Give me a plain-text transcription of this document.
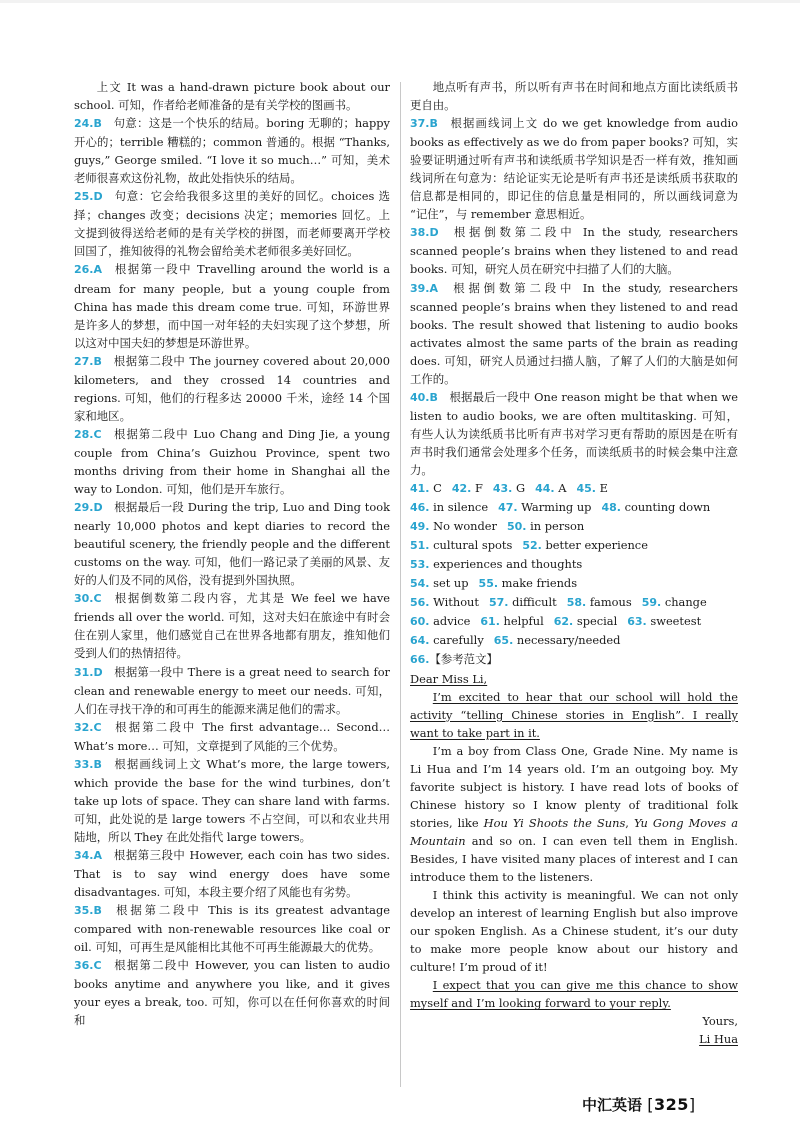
上文 It was a hand-drawn picture book about our school. 可知，作者给老师准备的是有关学校的图画书。

24.B  句意：这是一个快乐的结局。boring 无聊的；happy 开心的；terrible 糟糕的；common 普通的。根据 “Thanks, guys,” George smiled. “I love it so much…” 可知，美术老师很喜欢这份礼物，故此处指快乐的结局。

25.D  句意：它会给我很多这里的美好的回忆。choices 选择；changes 改变；decisions 决定；memories 回忆。上文提到彼得送给老师的是有关学校的拼图，而老师要离开学校回国了，推知彼得的礼物会留给美术老师很多美好回忆。

26.A  根据第一段中 Travelling around the world is a dream for many people, but a young couple from China has made this dream come true. 可知，环游世界是许多人的梦想，而中国一对年轻的夫妇实现了这个梦想，所以这对中国夫妇的梦想是环游世界。

27.B  根据第二段中 The journey covered about 20,000 kilometers, and they crossed 14 countries and regions. 可知，他们的行程多达 20000 千米，途经 14 个国家和地区。

28.C  根据第二段中 Luo Chang and Ding Jie, a young couple from China’s Guizhou Province, spent two months driving from their home in Shanghai all the way to London. 可知，他们是开车旅行。

29.D  根据最后一段 During the trip, Luo and Ding took nearly 10,000 photos and kept diaries to record the beautiful scenery, the friendly people and the different customs on the way. 可知，他们一路记录了美丽的风景、友好的人们及不同的风俗，没有提到外国执照。

30.C  根据倒数第二段内容，尤其是 We feel we have friends all over the world. 可知，这对夫妇在旅途中有时会住在别人家里，他们感觉自己在世界各地都有朋友，推知他们受到人们的热情招待。

31.D  根据第一段中 There is a great need to search for clean and renewable energy to meet our needs. 可知，人们在寻找干净的和可再生的能源来满足他们的需求。

32.C  根据第二段中 The first advantage… Second… What’s more… 可知，文章提到了风能的三个优势。

33.B  根据画线词上文 What’s more, the large towers, which provide the base for the wind turbines, don’t take up lots of space. They can share land with farms. 可知，此处说的是 large towers 不占空间，可以和农业共用陆地，所以 They 在此处指代 large towers。

34.A  根据第三段中 However, each coin has two sides. That is to say wind energy does have some disadvantages. 可知，本段主要介绍了风能也有劣势。

35.B  根据第二段中 This is its greatest advantage compared with non-renewable resources like coal or oil. 可知，可再生是风能相比其他不可再生能源最大的优势。

36.C  根据第二段中 However, you can listen to audio books anytime and anywhere you like, and it gives your eyes a break, too. 可知，你可以在任何你喜欢的时间和

地点听有声书，所以听有声书在时间和地点方面比读纸质书更自由。

37.B  根据画线词上文 do we get knowledge from audio books as effectively as we do from paper books? 可知，实验要证明通过听有声书和读纸质书学知识是否一样有效，推知画线词所在句意为：结论证实无论是听有声书还是读纸质书获取的信息都是相同的，即记住的信息量是相同的，所以画线词意为 “记住”，与 remember 意思相近。

38.D  根据倒数第二段中 In the study, researchers scanned people’s brains when they listened to and read books. 可知，研究人员在研究中扫描了人们的大脑。

39.A  根据倒数第二段中 In the study, researchers scanned people’s brains when they listened to and read books. The result showed that listening to audio books activates almost the same parts of the brain as reading does. 可知，研究人员通过扫描人脑，了解了人们的大脑是如何工作的。

40.B  根据最后一段中 One reason might be that when we listen to audio books, we are often multitasking. 可知，有些人认为读纸质书比听有声书对学习更有帮助的原因是在听有声书时我们通常会处理多个任务，而读纸质书的时候会集中注意力。

41. C 42. F 43. G 44. A 45. E

46. in silence 47. Warming up 48. counting down

49. No wonder 50. in person

51. cultural spots 52. better experience

53. experiences and thoughts

54. set up 55. make friends

56. Without 57. difficult 58. famous 59. change

60. advice 61. helpful 62. special 63. sweetest

64. carefully 65. necessary/needed

66.【参考范文】

Dear Miss Li,

I’m excited to hear that our school will hold the activity “telling Chinese stories in English”. I really want to take part in it.

I’m a boy from Class One, Grade Nine. My name is Li Hua and I’m 14 years old. I’m an outgoing boy. My favorite subject is history. I have read lots of books of Chinese history so I know plenty of traditional folk stories, like Hou Yi Shoots the Suns, Yu Gong Moves a Mountain and so on. I can even tell them in English. Besides, I have visited many places of interest and I can introduce them to the listeners.

I think this activity is meaningful. We can not only develop an interest of learning English but also improve our spoken English. As a Chinese student, it’s our duty to make more people know about our history and culture! I’m proud of it!

I expect that you can give me this chance to show myself and I’m looking forward to your reply.

Yours,

Li Hua

中汇英语 [325]
